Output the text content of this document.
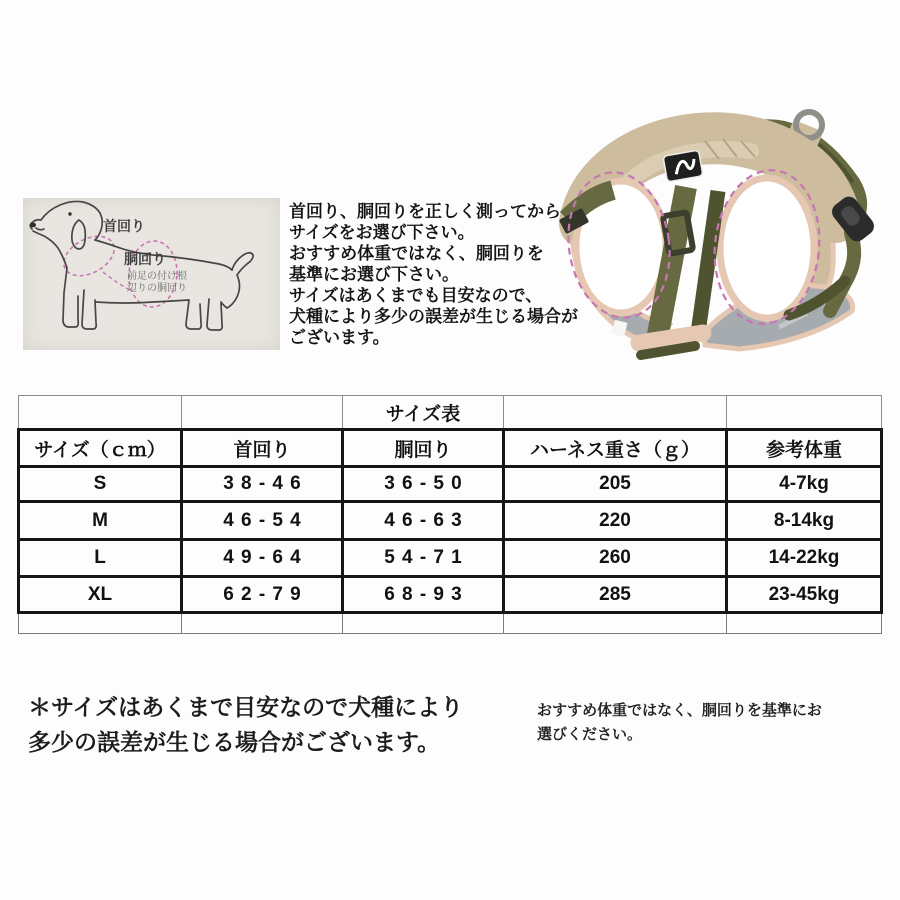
首回り
胴回り
前足の付け根
辺りの胴回り
首回り、胴回りを正しく測ってから
サイズをお選び下さい。
おすすめ体重ではなく、胴回りを
基準にお選び下さい。
サイズはあくまでも目安なので、
犬種により多少の誤差が生じる場合が
ございます。
		サイズ表		
サイズ（ｃｍ）	首回り	胴回り	ハーネス重さ（ｇ）	参考体重
S	38-46	36-50	205	4-7kg
M	46-54	46-63	220	8-14kg
L	49-64	54-71	260	14-22kg
XL	62-79	68-93	285	23-45kg

＊サイズはあくまで目安なので犬種により
多少の誤差が生じる場合がございます。
おすすめ体重ではなく、胴回りを基準にお
選びください。
